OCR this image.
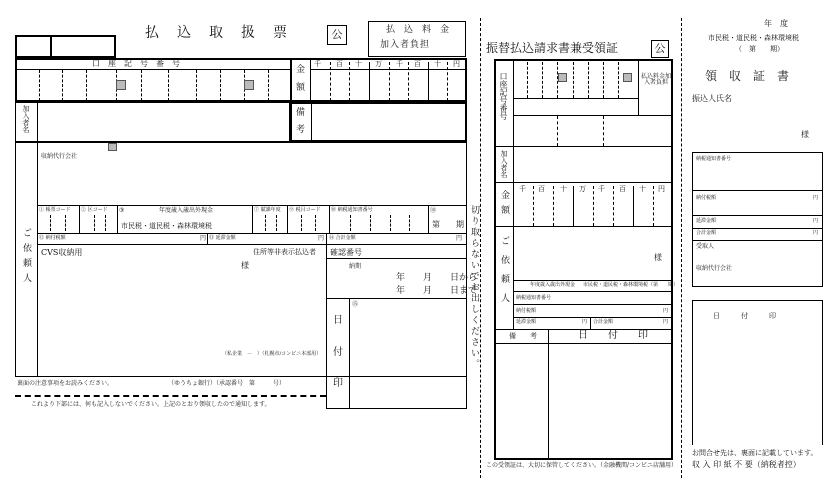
払　込　取　扱　票	公	払　込　料　金
加入者負担
口　座　記　号　番　号
金
額
千 百 十 万 千 百 十 円
加入者名	備
考
ご依頼人
収納代行会社
① 帳票コード ② 区コード ③	年度歳入歳出外現金
市民税・道民税・森林環境税
⑦ 賦課年度 ⑨ 税目コード ⑩ 納税通知書番号	⑱
第　　期
⑫ 納付税額	円 ⑬ 延滞金額	円 ⑭ 合計金額	円
CVS収納用	住所等非表示払込者
様
（私企業　－　）（札幌市/コンビニ本部用）
確認番号
納期
年　　月　　日から
年　　月　　日まで
⑮
日
付
印
裏面の注意事項をお読みください。	（ゆうちょ銀行）（承認番号　第　　　号）
これより下部には、何も記入しないでください。上記のとおり領収したので通知します。
切り取らないでお出しください。
振替払込請求書兼受領証	公
口座記号番号	払込料金加入者負担
加入者名
金額
千 百 十 万 千 百 十 円
ご依頼人	様
年度歳入歳出外現金 市民税・道民税・森林環境税（第　　期）
納税通知書番号
納付税額	円
延滞金額	円 合計金額	円
備　　考	日　　付　　印
この受領証は、大切に保管してください。（金融機関/コンビニ店舗用）
年　度
市民税・道民税・森林環境税
（　第　　期）
領　収　証　書
振込人氏名
様
納税通知書番号
納付税額	円
延滞金額	円
合計金額	円
受取人
収納代行会社
日　　　付　　　印
お問合せ先は、裏面に記載しています。
収 入 印 紙 不 要（納税者控）
